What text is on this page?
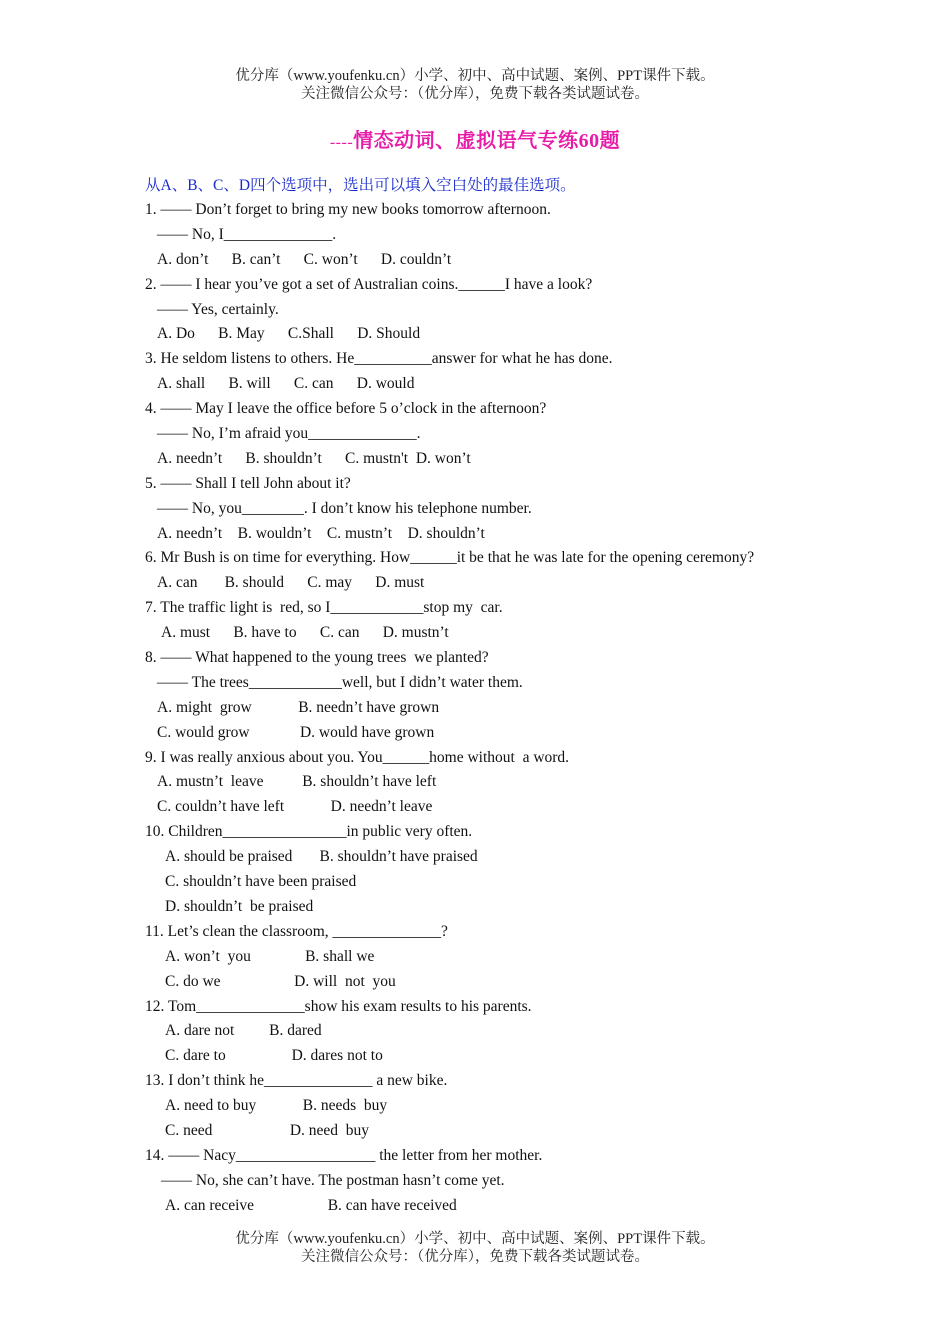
优分库（www.youfenku.cn）小学、初中、高中试题、案例、PPT课件下载。
关注微信公众号：（优分库），免费下载各类试题试卷。
----情态动词、虚拟语气专练60题
从A、B、C、D四个选项中，选出可以填入空白处的最佳选项。
1. —— Don’t forget to bring my new books tomorrow afternoon.
—— No, I______________.
A. don’t      B. can’t      C. won’t      D. couldn’t
2. —— I hear you’ve got a set of Australian coins.______I have a look?
—— Yes, certainly.
A. Do      B. May      C.Shall      D. Should
3. He seldom listens to others. He__________answer for what he has done.
A. shall      B. will      C. can      D. would
4. —— May I leave the office before 5 o’clock in the afternoon?
—— No, I’m afraid you______________.
A. needn’t      B. shouldn’t      C. mustn't  D. won’t
5. —— Shall I tell John about it?
—— No, you________. I don’t know his telephone number.
A. needn’t    B. wouldn’t    C. mustn’t    D. shouldn’t
6. Mr Bush is on time for everything. How______it be that he was late for the opening ceremony?
A. can       B. should      C. may      D. must
7. The traffic light is  red, so I____________stop my  car.
A. must      B. have to      C. can      D. mustn’t
8. —— What happened to the young trees  we planted?
—— The trees____________well, but I didn’t water them.
A. might  grow            B. needn’t have grown
C. would grow             D. would have grown
9. I was really anxious about you. You______home without  a word.
A. mustn’t  leave          B. shouldn’t have left
C. couldn’t have left            D. needn’t leave
10. Children________________in public very often.
A. should be praised       B. shouldn’t have praised
C. shouldn’t have been praised
D. shouldn’t  be praised
11. Let’s clean the classroom, ______________?
A. won’t  you              B. shall we
C. do we                   D. will  not  you
12. Tom______________show his exam results to his parents.
A. dare not         B. dared
C. dare to                 D. dares not to
13. I don’t think he______________ a new bike.
A. need to buy            B. needs  buy
C. need                    D. need  buy
14. —— Nacy__________________ the letter from her mother.
—— No, she can’t have. The postman hasn’t come yet.
A. can receive                   B. can have received
优分库（www.youfenku.cn）小学、初中、高中试题、案例、PPT课件下载。
关注微信公众号：（优分库），免费下载各类试题试卷。
